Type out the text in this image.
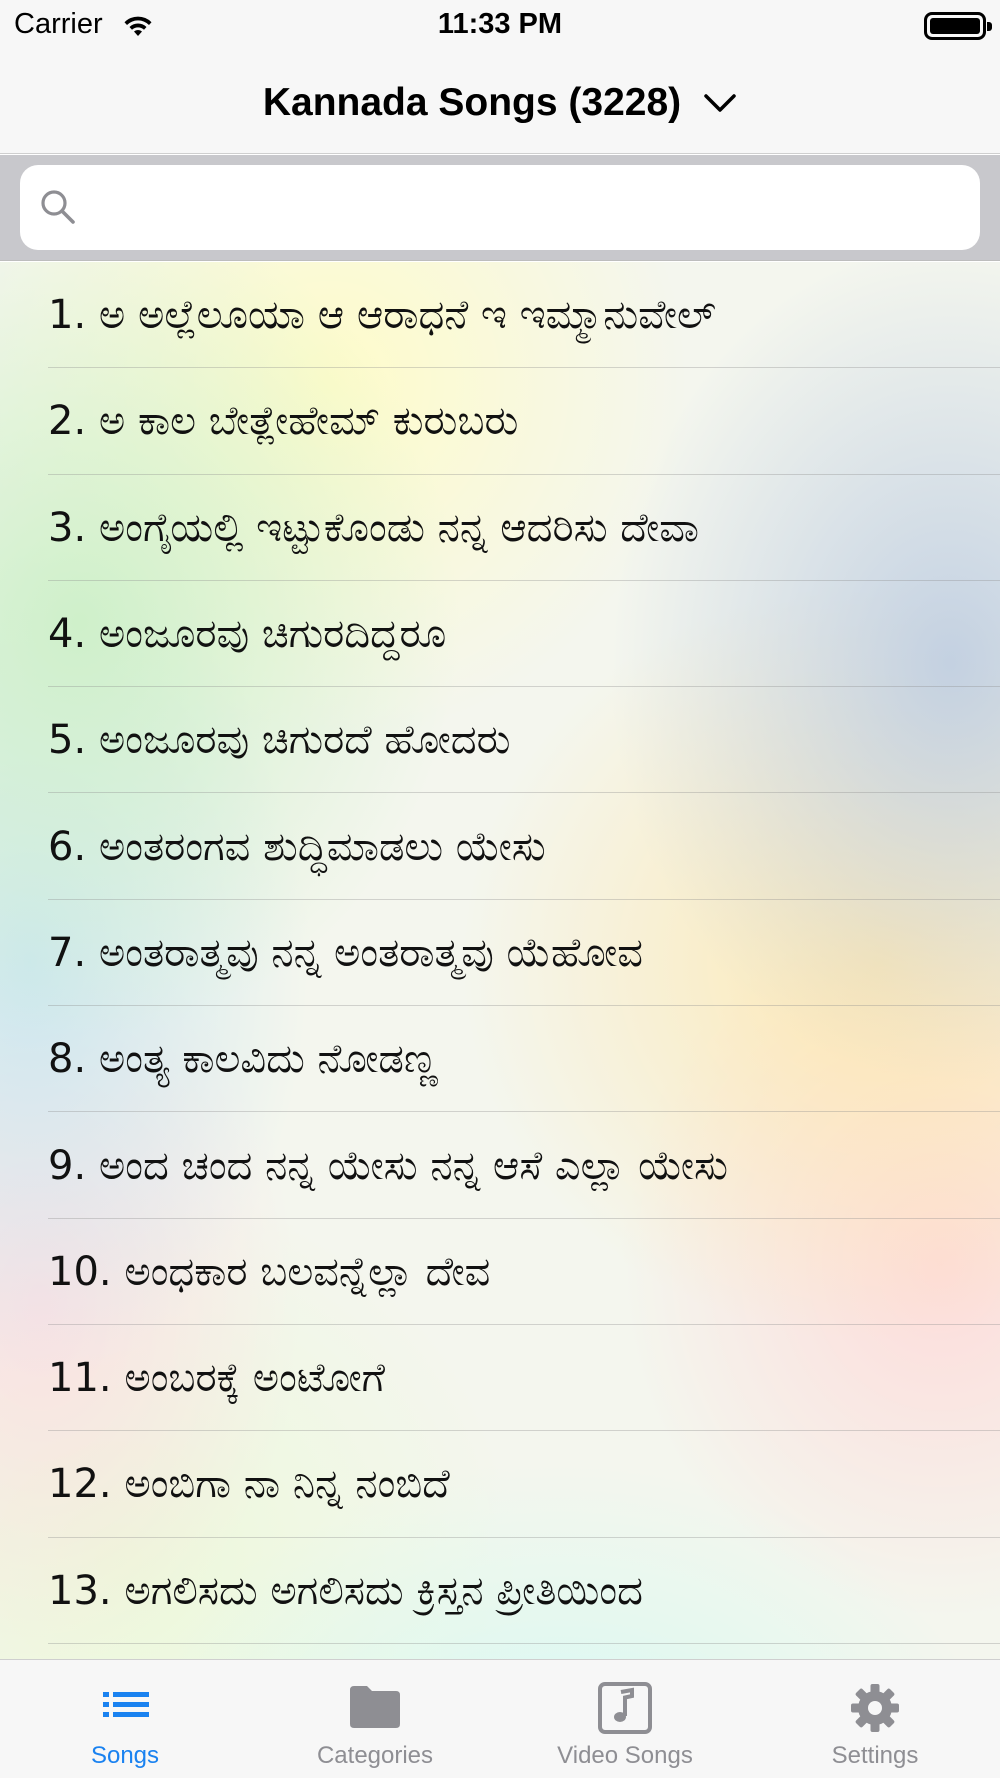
Carrier	11:33 PM
Kannada Songs (3228)
1. ಅ ಅಲ್ಲೆಲೂಯಾ ಆ ಆರಾಧನೆ ಇ ಇಮ್ಮಾನುವೇಲ್
2. ಅ ಕಾಲ ಬೇತ್ಲೇಹೇಮ್ ಕುರುಬರು
3. ಅಂಗೈಯಲ್ಲಿ ಇಟ್ಟುಕೊಂಡು ನನ್ನ ಆದರಿಸು ದೇವಾ
4. ಅಂಜೂರವು ಚಿಗುರದಿದ್ದರೂ
5. ಅಂಜೂರವು ಚಿಗುರದೆ ಹೋದರು
6. ಅಂತರಂಗವ ಶುದ್ಧಿಮಾಡಲು ಯೇಸು
7. ಅಂತರಾತ್ಮವು ನನ್ನ ಅಂತರಾತ್ಮವು ಯೆಹೋವ
8. ಅಂತ್ಯ ಕಾಲವಿದು ನೋಡಣ್ಣ
9. ಅಂದ ಚಂದ ನನ್ನ ಯೇಸು ನನ್ನ ಆಸೆ ಎಲ್ಲಾ ಯೇಸು
10. ಅಂಧಕಾರ ಬಲವನ್ನೆಲ್ಲಾ ದೇವ
11. ಅಂಬರಕ್ಕೆ ಅಂಟೋಗೆ
12. ಅಂಬಿಗಾ ನಾ ನಿನ್ನ ನಂಬಿದೆ
13. ಅಗಲಿಸದು ಅಗಲಿಸದು ಕ್ರಿಸ್ತನ ಪ್ರೀತಿಯಿಂದ
Songs	Categories	Video Songs	Settings
